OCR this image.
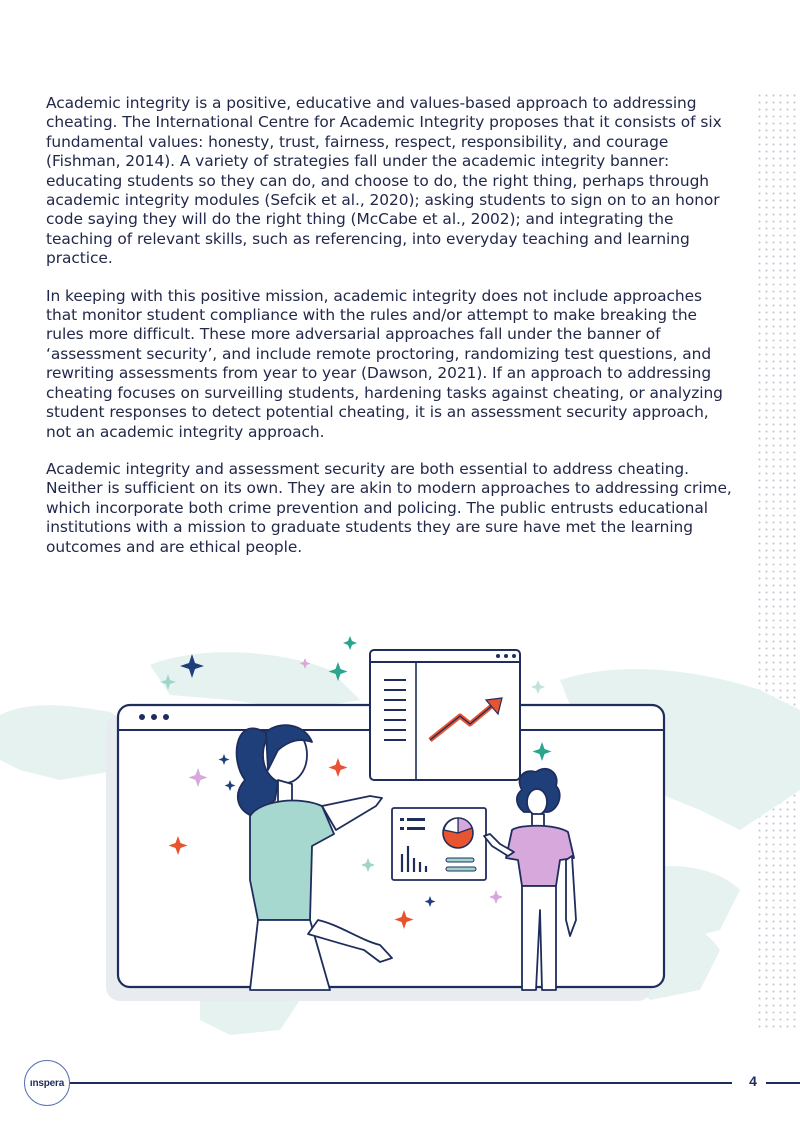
Academic integrity is a positive, educative and values-based approach to addressing cheating. The International Centre for Academic Integrity proposes that it consists of six fundamental values: honesty, trust, fairness, respect, responsibility, and courage (Fishman, 2014). A variety of strategies fall under the academic integrity banner: educating students so they can do, and choose to do, the right thing, perhaps through academic integrity modules (Sefcik et al., 2020); asking students to sign on to an honor code saying they will do the right thing (McCabe et al., 2002); and integrating the teaching of relevant skills, such as referencing, into everyday teaching and learning practice.

In keeping with this positive mission, academic integrity does not include approaches that monitor student compliance with the rules and/or attempt to make breaking the rules more difficult. These more adversarial approaches fall under the banner of ‘assessment security’, and include remote proctoring, randomizing test questions, and rewriting assessments from year to year (Dawson, 2021). If an approach to addressing cheating focuses on surveilling students, hardening tasks against cheating, or analyzing student responses to detect potential cheating, it is an assessment security approach, not an academic integrity approach.

Academic integrity and assessment security are both essential to address cheating. Neither is sufficient on its own. They are akin to modern approaches to addressing crime, which incorporate both crime prevention and policing. The public entrusts educational institutions with a mission to graduate students they are sure have met the learning outcomes and are ethical people.

ınspera	4
